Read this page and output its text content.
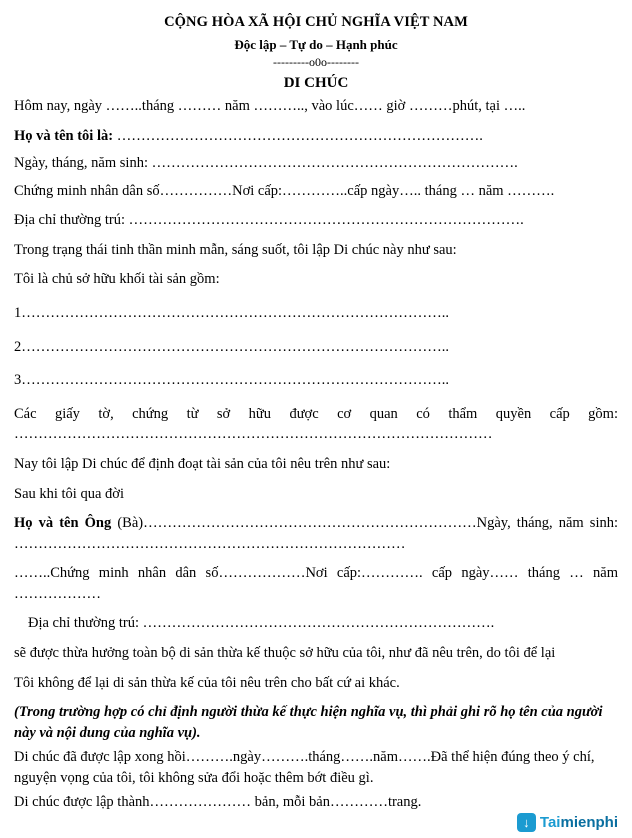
CỘNG HÒA XÃ HỘI CHỦ NGHĨA VIỆT NAM
Độc lập – Tự do – Hạnh phúc
---------o0o--------
DI CHÚC
Hôm nay, ngày ……..tháng ……… năm ……….., vào lúc…… giờ ………phút, tại …..
Họ và tên tôi là: ………………………………………………………………….
Ngày, tháng, năm sinh: ………………………………………………………………….
Chứng minh nhân dân số……………Nơi cấp:…………..cấp ngày….. tháng … năm ……….
Địa chỉ thường trú: ……………………………………………………………………….
Trong trạng thái tinh thần minh mẫn, sáng suốt, tôi lập Di chúc này như sau:
Tôi là chủ sở hữu khối tài sản gồm:
1……………………………………………………………………………..
2……………………………………………………………………………..
3……………………………………………………………………………..
Các giấy tờ, chứng từ sở hữu được cơ quan có thẩm quyền cấp gồm: ………………………………………………………………………………………
Nay tôi lập Di chúc để định đoạt tài sản của tôi nêu trên như sau:
Sau khi tôi qua đời
Họ và tên Ông (Bà)……………………………………………………………Ngày, tháng, năm sinh: ………………………………………………………………………
……..Chứng minh nhân dân số………………Nơi cấp:…………. cấp ngày…… tháng … năm ………………
Địa chỉ thường trú: ……………………………………………………………….
sẽ được thừa hưởng toàn bộ di sản thừa kế thuộc sở hữu của tôi, như đã nêu trên, do tôi để lại
Tôi không để lại di sản thừa kế của tôi nêu trên cho bất cứ ai khác.
(Trong trường hợp có chỉ định người thừa kế thực hiện nghĩa vụ, thì phải ghi rõ họ tên của người này và nội dung của nghĩa vụ).
Di chúc đã được lập xong hồi……….ngày……….tháng…….năm…….Đã thể hiện đúng theo ý chí, nguyện vọng của tôi, tôi không sửa đổi hoặc thêm bớt điều gì.
Di chúc được lập thành………………… bản, mỗi bản…………trang.
↓ Taimienphi
